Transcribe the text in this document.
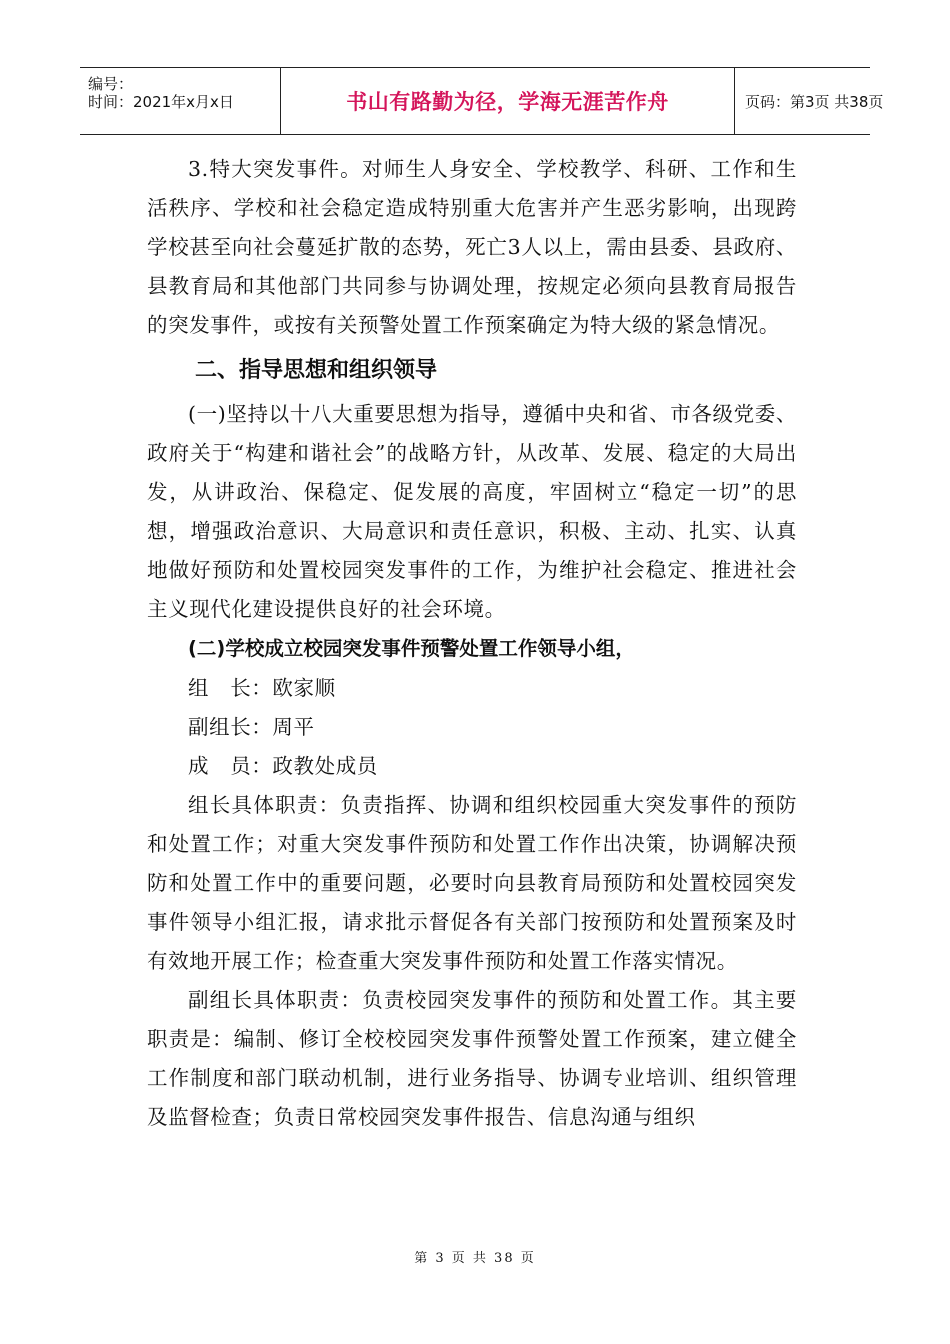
编号：
时间：2021年x月x日	书山有路勤为径，学海无涯苦作舟	页码：第3页 共38页

3.特大突发事件。对师生人身安全、学校教学、科研、工作和生活秩序、学校和社会稳定造成特别重大危害并产生恶劣影响，出现跨学校甚至向社会蔓延扩散的态势，死亡3人以上，需由县委、县政府、县教育局和其他部门共同参与协调处理，按规定必须向县教育局报告的突发事件，或按有关预警处置工作预案确定为特大级的紧急情况。

二、指导思想和组织领导

(一)坚持以十八大重要思想为指导，遵循中央和省、市各级党委、政府关于“构建和谐社会”的战略方针，从改革、发展、稳定的大局出发，从讲政治、保稳定、促发展的高度，牢固树立“稳定一切”的思想，增强政治意识、大局意识和责任意识，积极、主动、扎实、认真地做好预防和处置校园突发事件的工作，为维护社会稳定、推进社会主义现代化建设提供良好的社会环境。

(二)学校成立校园突发事件预警处置工作领导小组，

组　长：欧家顺

副组长：周平

成　员：政教处成员

组长具体职责：负责指挥、协调和组织校园重大突发事件的预防和处置工作；对重大突发事件预防和处置工作作出决策，协调解决预防和处置工作中的重要问题，必要时向县教育局预防和处置校园突发事件领导小组汇报，请求批示督促各有关部门按预防和处置预案及时有效地开展工作；检查重大突发事件预防和处置工作落实情况。

副组长具体职责：负责校园突发事件的预防和处置工作。其主要职责是：编制、修订全校校园突发事件预警处置工作预案，建立健全工作制度和部门联动机制，进行业务指导、协调专业培训、组织管理及监督检查；负责日常校园突发事件报告、信息沟通与组织

第 3 页 共 38 页
